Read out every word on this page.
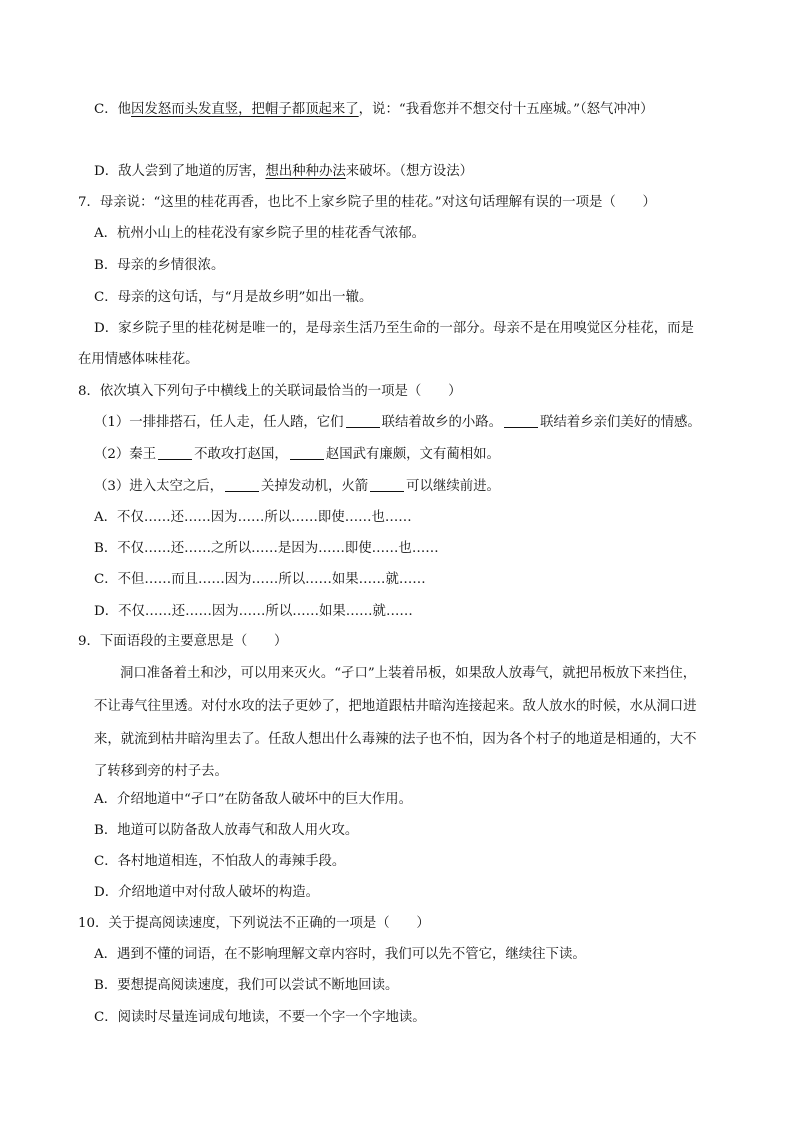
C．他因发怒而头发直竖，把帽子都顶起来了，说：“我看您并不想交付十五座城。”（怒气冲冲）
D．敌人尝到了地道的厉害，想出种种办法来破坏。（想方设法）
7．母亲说：“这里的桂花再香，也比不上家乡院子里的桂花。”对这句话理解有误的一项是（　　）
A．杭州小山上的桂花没有家乡院子里的桂花香气浓郁。
B．母亲的乡情很浓。
C．母亲的这句话，与“月是故乡明”如出一辙。
D．家乡院子里的桂花树是唯一的，是母亲生活乃至生命的一部分。母亲不是在用嗅觉区分桂花，而是
在用情感体味桂花。
8．依次填入下列句子中横线上的关联词最恰当的一项是（　　）
（1）一排排搭石，任人走，任人踏，它们	联结着故乡的小路。	联结着乡亲们美好的情感。
（2）秦王	不敢攻打赵国，	赵国武有廉颇，文有蔺相如。
（3）进入太空之后，	关掉发动机，火箭	可以继续前进。
A．不仅……还……因为……所以……即使……也……
B．不仅……还……之所以……是因为……即使……也……
C．不但……而且……因为……所以……如果……就……
D．不仅……还……因为……所以……如果……就……
9．下面语段的主要意思是（　　）
洞口准备着土和沙，可以用来灭火。“孑口”上装着吊板，如果敌人放毒气，就把吊板放下来挡住，
不让毒气往里透。对付水攻的法子更妙了，把地道跟枯井暗沟连接起来。敌人放水的时候，水从洞口进
来，就流到枯井暗沟里去了。任敌人想出什么毒辣的法子也不怕，因为各个村子的地道是相通的，大不
了转移到旁的村子去。
A．介绍地道中“孑口”在防备敌人破坏中的巨大作用。
B．地道可以防备敌人放毒气和敌人用火攻。
C．各村地道相连，不怕敌人的毒辣手段。
D．介绍地道中对付敌人破坏的构造。
10．关于提高阅读速度，下列说法不正确的一项是（　　）
A．遇到不懂的词语，在不影响理解文章内容时，我们可以先不管它，继续往下读。
B．要想提高阅读速度，我们可以尝试不断地回读。
C．阅读时尽量连词成句地读，不要一个字一个字地读。
